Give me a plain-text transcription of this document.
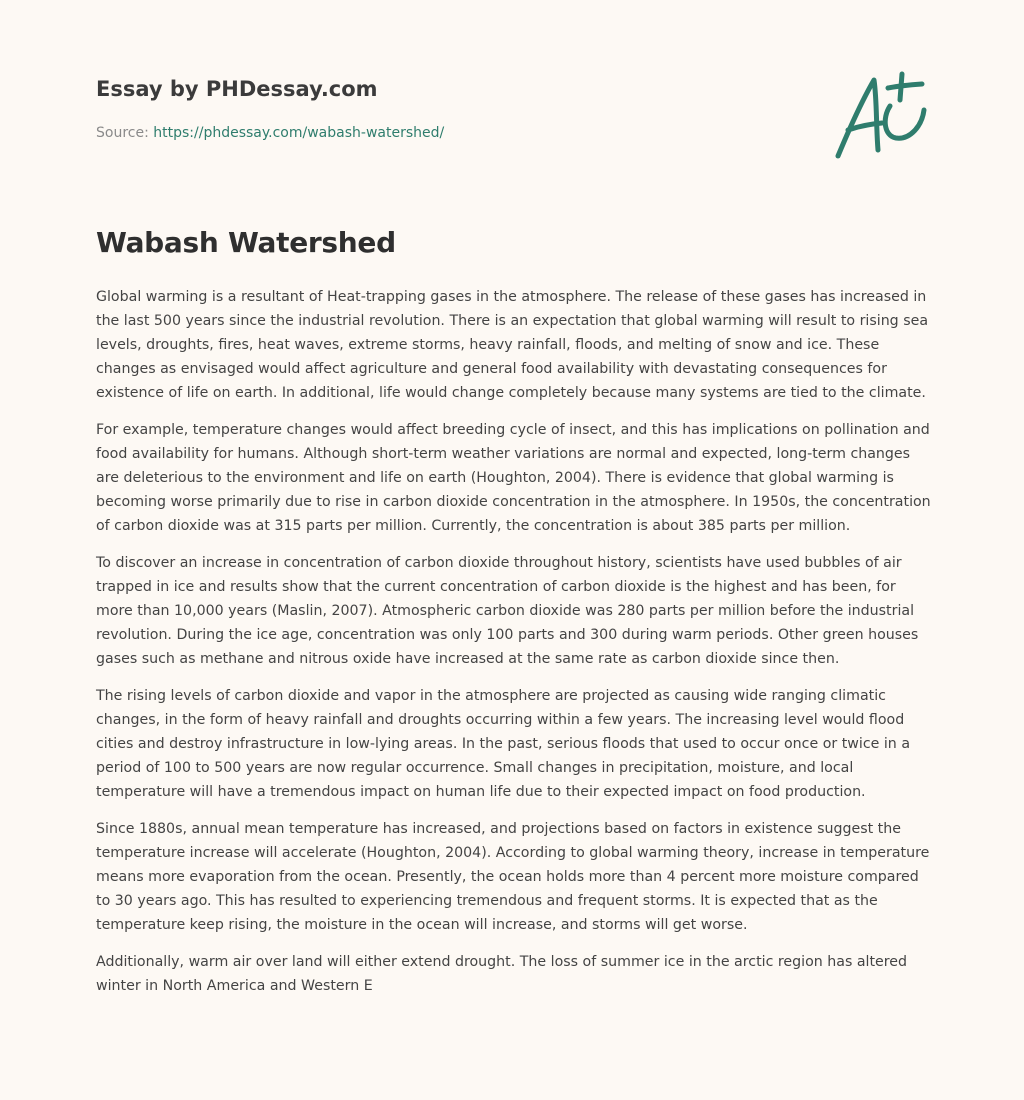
Essay by PHDessay.com
Source: https://phdessay.com/wabash-watershed/
Wabash Watershed

Global warming is a resultant of Heat-trapping gases in the atmosphere. The release of these gases has increased in the last 500 years since the industrial revolution. There is an expectation that global warming will result to rising sea levels, droughts, fires, heat waves, extreme storms, heavy rainfall, floods, and melting of snow and ice. These changes as envisaged would affect agriculture and general food availability with devastating consequences for existence of life on earth. In additional, life would change completely because many systems are tied to the climate.

For example, temperature changes would affect breeding cycle of insect, and this has implications on pollination and food availability for humans. Although short-term weather variations are normal and expected, long-term changes are deleterious to the environment and life on earth (Houghton, 2004). There is evidence that global warming is becoming worse primarily due to rise in carbon dioxide concentration in the atmosphere. In 1950s, the concentration of carbon dioxide was at 315 parts per million. Currently, the concentration is about 385 parts per million.

To discover an increase in concentration of carbon dioxide throughout history, scientists have used bubbles of air trapped in ice and results show that the current concentration of carbon dioxide is the highest and has been, for more than 10,000 years (Maslin, 2007). Atmospheric carbon dioxide was 280 parts per million before the industrial revolution. During the ice age, concentration was only 100 parts and 300 during warm periods. Other green houses gases such as methane and nitrous oxide have increased at the same rate as carbon dioxide since then.

The rising levels of carbon dioxide and vapor in the atmosphere are projected as causing wide ranging climatic changes, in the form of heavy rainfall and droughts occurring within a few years. The increasing level would flood cities and destroy infrastructure in low-lying areas. In the past, serious floods that used to occur once or twice in a period of 100 to 500 years are now regular occurrence. Small changes in precipitation, moisture, and local temperature will have a tremendous impact on human life due to their expected impact on food production.

Since 1880s, annual mean temperature has increased, and projections based on factors in existence suggest the temperature increase will accelerate (Houghton, 2004). According to global warming theory, increase in temperature means more evaporation from the ocean. Presently, the ocean holds more than 4 percent more moisture compared to 30 years ago. This has resulted to experiencing tremendous and frequent storms. It is expected that as the temperature keep rising, the moisture in the ocean will increase, and storms will get worse.

Additionally, warm air over land will either extend drought. The loss of summer ice in the arctic region has altered winter in North America and Western E
